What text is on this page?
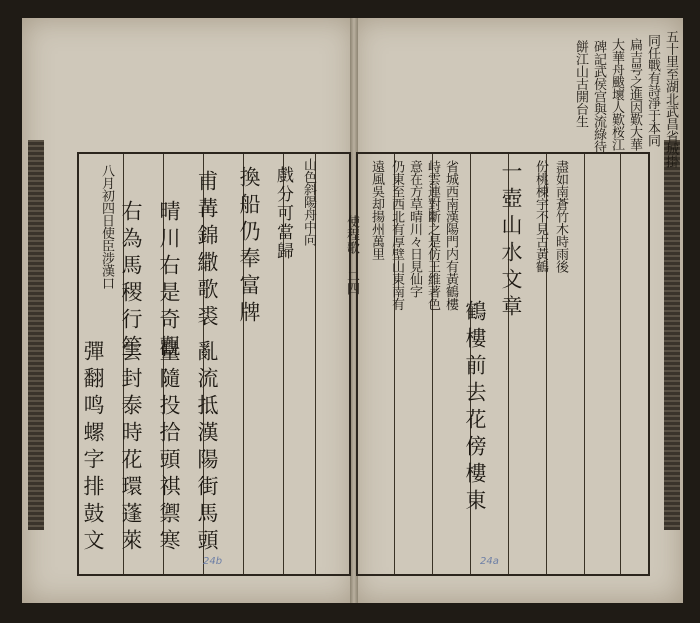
五十里至湖北武昌省城掛
同任戰有詩淨于本同
扁吉咢之進因歎大華
大華舟颰壞人歎桜江
碑記武侯宫與流綠待
餅江山古開台生
八月初四日使臣涉漢口 右為馬稷行笙 晴川右是奇觀 甫冓錦繖歌裘 換船仍奉富牌 戲分可當歸 山色斜陽舟中向
亂流抵漢陽街馬頭
量隨投拾頭祺禦寒
雲封泰時花環蓬萊
彈翻鸣螺字排鼓文
使程歌 二四 遠風吳却揚州萬里 仍東至西北有厚壁山東南有 意在方草晴川々日見仙字 峙雲連對斷之是仿王維著色 省城西南漢陽門内有黃鶴樓
鶴樓前去花傍樓東
一壺山水文章 份桃棟宇不見古黃鶴 盡如南蒼竹木時雨後
24b	24a
